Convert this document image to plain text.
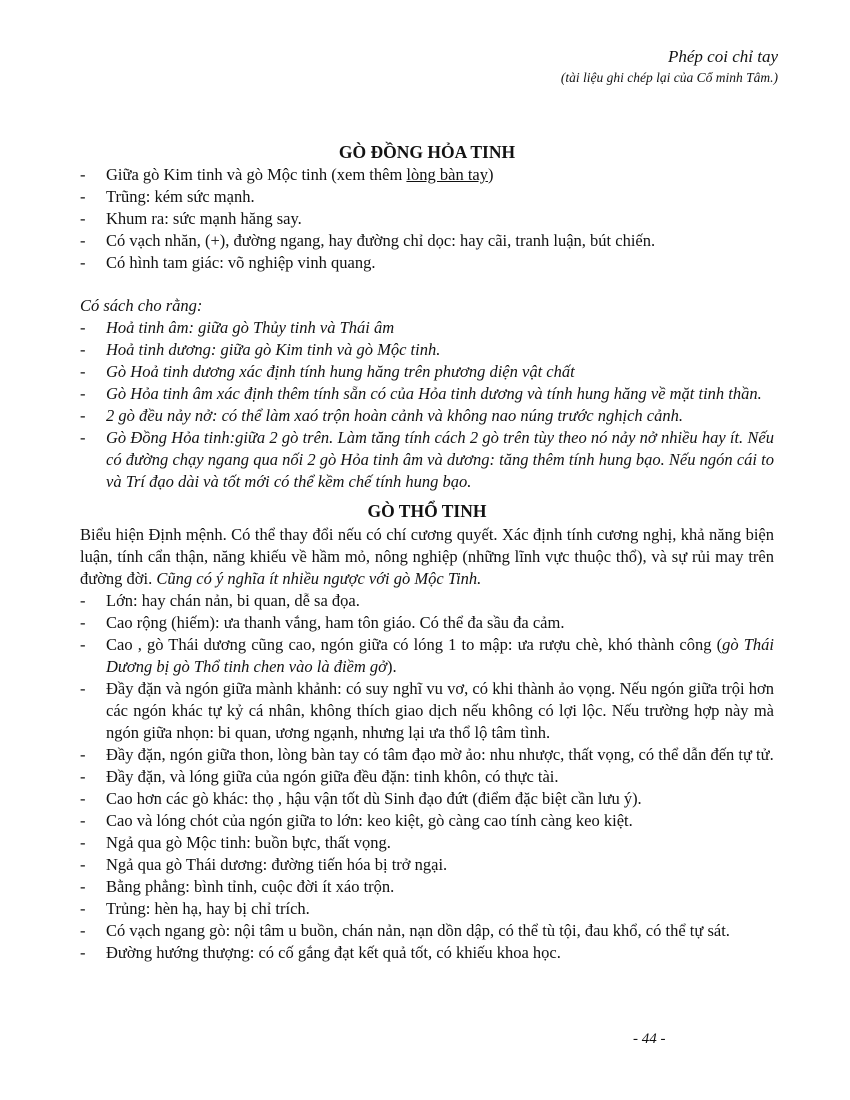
Phép coi chỉ tay
(tài liệu ghi chép lại của Cổ minh Tâm.)
GÒ ĐỒNG HỎA TINH
-	Giữa gò Kim tinh và gò Mộc tinh (xem thêm lòng bàn tay)
-	Trũng: kém sức mạnh.
-	Khum ra: sức mạnh hăng say.
-	Có vạch nhăn, (+), đường ngang, hay đường chỉ dọc: hay cãi, tranh luận, bút chiến.
-	Có hình tam giác: võ nghiệp vinh quang.
Có sách cho rằng:
-	Hoả tinh âm: giữa gò Thủy tinh và Thái âm
-	Hoả tinh dương: giữa gò Kim tinh và gò Mộc tinh.
-	Gò Hoả tinh dương xác định tính hung hăng trên phương diện vật chất
-	Gò Hỏa tinh âm xác định thêm tính sẵn có của Hỏa tinh dương và tính hung hăng về mặt tinh thần.
-	2 gò đều nảy nở: có thể làm xaó trộn hoàn cảnh và không nao núng trước nghịch cảnh.
-	Gò Đồng Hỏa tinh:giữa 2 gò trên. Làm tăng tính cách 2 gò trên tùy theo nó nảy nở nhiều hay ít. Nếu có đường chạy ngang qua nối 2 gò Hỏa tinh âm và dương: tăng thêm tính hung bạo. Nếu ngón cái to và Trí đạo dài và tốt mới có thể kềm chế tính hung bạo.
GÒ THỔ TINH

Biểu hiện Định mệnh. Có thể thay đổi nếu có chí cương quyết. Xác định tính cương nghị, khả năng biện luận, tính cẩn thận, năng khiếu về hầm mỏ, nông nghiệp (những lĩnh vực thuộc thổ), và sự rủi may trên đường đời. Cũng có ý nghĩa ít nhiều ngược với gò Mộc Tinh.

-	Lớn: hay chán nản, bi quan, dễ sa đọa.
-	Cao rộng (hiếm): ưa thanh vắng, ham tôn giáo. Có thể đa sầu đa cảm.
-	Cao , gò Thái dương cũng cao, ngón giữa có lóng 1 to mập: ưa rượu chè, khó thành công (gò Thái Dương bị gò Thổ tinh chen vào là điềm gở).
-	Đầy đặn và ngón giữa mành khảnh: có suy nghĩ vu vơ, có khi thành ảo vọng. Nếu ngón giữa trội hơn các ngón khác tự kỷ cá nhân, không thích giao dịch nếu không có lợi lộc. Nếu trường hợp này mà ngón giữa nhọn: bi quan, ương ngạnh, nhưng lại ưa thổ lộ tâm tình.
-	Đầy đặn, ngón giữa thon, lòng bàn tay có tâm đạo mờ ảo: nhu nhược, thất vọng, có thể dẫn đến tự tử.
-	Đầy đặn, và lóng giữa của ngón giữa đều đặn: tinh khôn, có thực tài.
-	Cao hơn các gò khác: thọ , hậu vận tốt dù Sinh đạo đứt (điểm đặc biệt cần lưu ý).
-	Cao và lóng chót của ngón giữa to lớn: keo kiệt, gò càng cao tính càng keo kiệt.
-	Ngả qua gò Mộc tinh: buồn bực, thất vọng.
-	Ngả qua gò Thái dương: đường tiến hóa bị trở ngại.
-	Bằng phẳng: bình tỉnh, cuộc đời ít xáo trộn.
-	Trủng: hèn hạ, hay bị chỉ trích.
-	Có vạch ngang gò: nội tâm u buồn, chán nản, nạn dồn dập, có thể tù tội, đau khổ, có thể tự sát.
-	Đường hướng thượng: có cố gắng đạt kết quả tốt, có khiếu khoa học.
- 44 -
